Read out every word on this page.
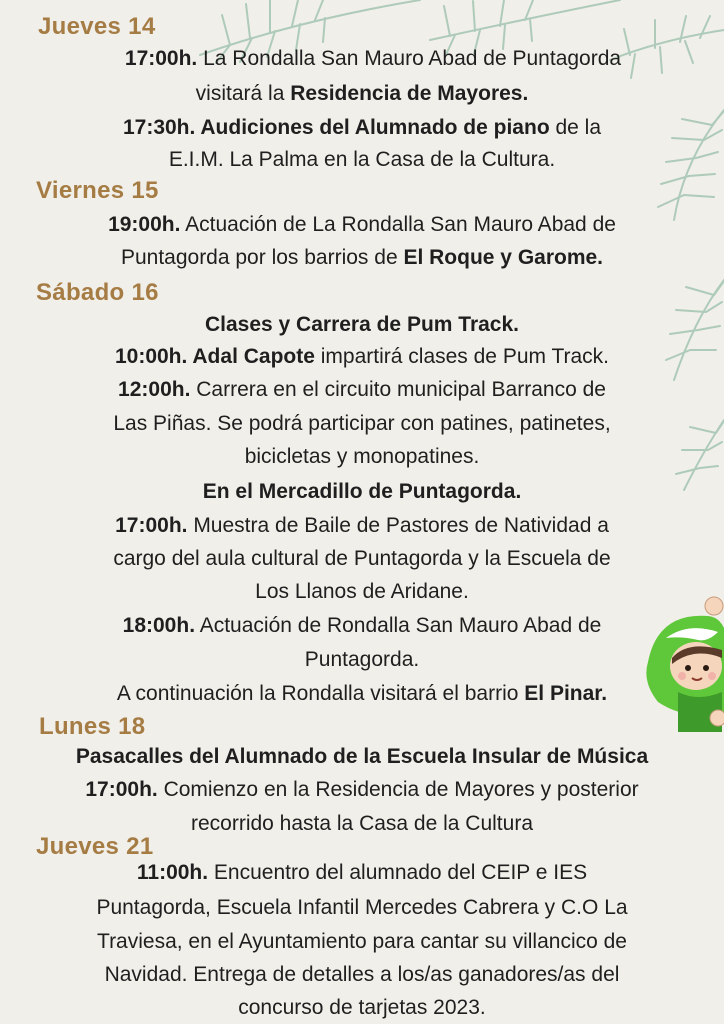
Jueves 14
Viernes 15
Sábado 16
Lunes 18
Jueves 21
17:00h. La Rondalla San Mauro Abad de Puntagorda
visitará la Residencia de Mayores.
17:30h. Audiciones del Alumnado de piano de la
E.I.M. La Palma en la Casa de la Cultura.
19:00h. Actuación de La Rondalla San Mauro Abad de
Puntagorda por los barrios de El Roque y Garome.
Clases y Carrera de Pum Track.
10:00h. Adal Capote impartirá clases de Pum Track.
12:00h. Carrera en el circuito municipal Barranco de
Las Piñas. Se podrá participar con patines, patinetes,
bicicletas y monopatines.
En el Mercadillo de Puntagorda.
17:00h. Muestra de Baile de Pastores de Natividad a
cargo del aula cultural de Puntagorda y la Escuela de
Los Llanos de Aridane.
18:00h. Actuación de Rondalla San Mauro Abad de
Puntagorda.
A continuación la Rondalla visitará el barrio El Pinar.
Pasacalles del Alumnado de la Escuela Insular de Música
17:00h. Comienzo en la Residencia de Mayores y posterior
recorrido hasta la Casa de la Cultura
11:00h. Encuentro del alumnado del CEIP e IES
Puntagorda, Escuela Infantil Mercedes Cabrera y C.O La
Traviesa, en el Ayuntamiento para cantar su villancico de
Navidad. Entrega de detalles a los/as ganadores/as del
concurso de tarjetas 2023.
